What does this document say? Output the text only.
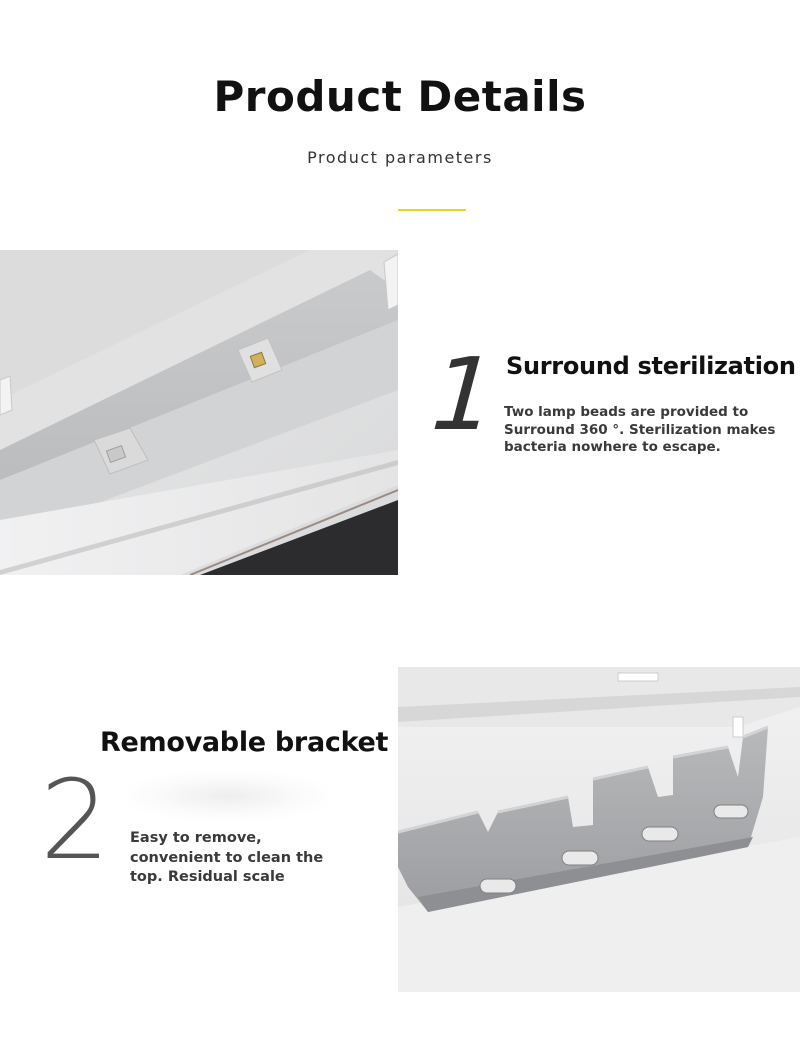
Product Details
Product parameters
1 Surround sterilization
Two lamp beads are provided to Surround 360 °. Sterilization makes bacteria nowhere to escape.
Removable bracket
2 Easy to remove, convenient to clean the top. Residual scale
